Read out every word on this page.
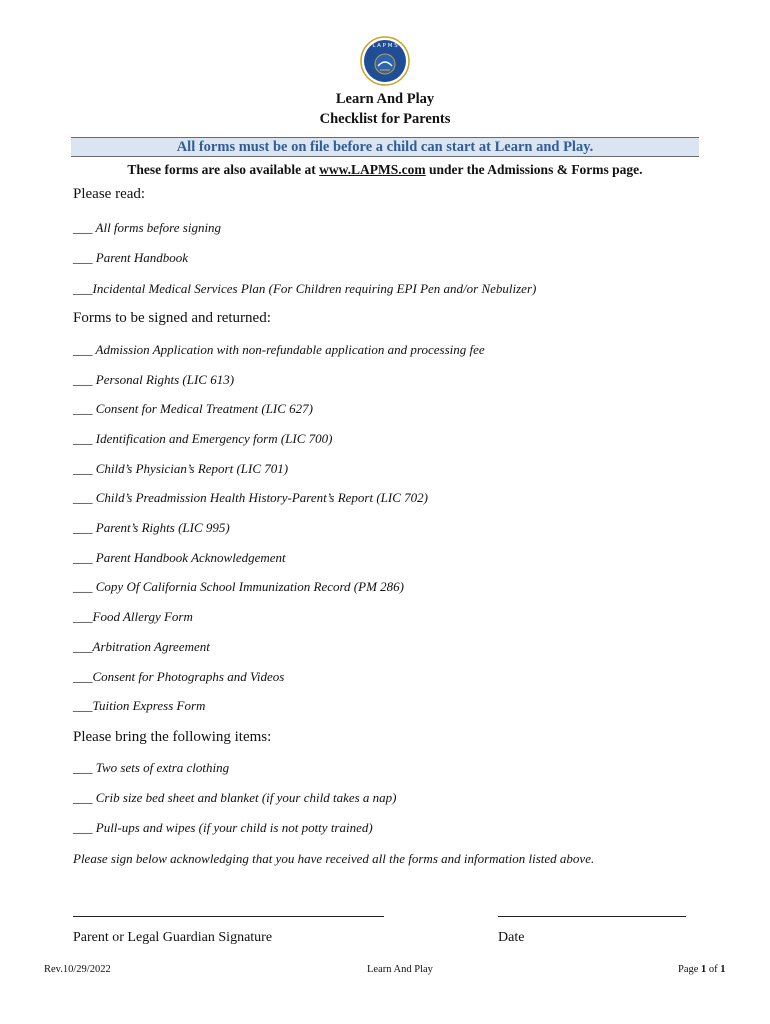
L A P M S
Learn And Play
Checklist for Parents
All forms must be on file before a child can start at Learn and Play.
These forms are also available at www.LAPMS.com under the Admissions & Forms page.
Please read:
___ All forms before signing
___ Parent Handbook
___Incidental Medical Services Plan (For Children requiring EPI Pen and/or Nebulizer)
Forms to be signed and returned:
___ Admission Application with non-refundable application and processing fee
___ Personal Rights (LIC 613)
___ Consent for Medical Treatment (LIC 627)
___ Identification and Emergency form (LIC 700)
___ Child’s Physician’s Report (LIC 701)
___ Child’s Preadmission Health History-Parent’s Report (LIC 702)
___ Parent’s Rights (LIC 995)
___ Parent Handbook Acknowledgement
___ Copy Of California School Immunization Record (PM 286)
___Food Allergy Form
___Arbitration Agreement
___Consent for Photographs and Videos
___Tuition Express Form
Please bring the following items:
___ Two sets of extra clothing
___ Crib size bed sheet and blanket (if your child takes a nap)
___ Pull-ups and wipes (if your child is not potty trained)
Please sign below acknowledging that you have received all the forms and information listed above.
Parent or Legal Guardian Signature	Date
Rev.10/29/2022	Learn And Play	Page 1 of 1
